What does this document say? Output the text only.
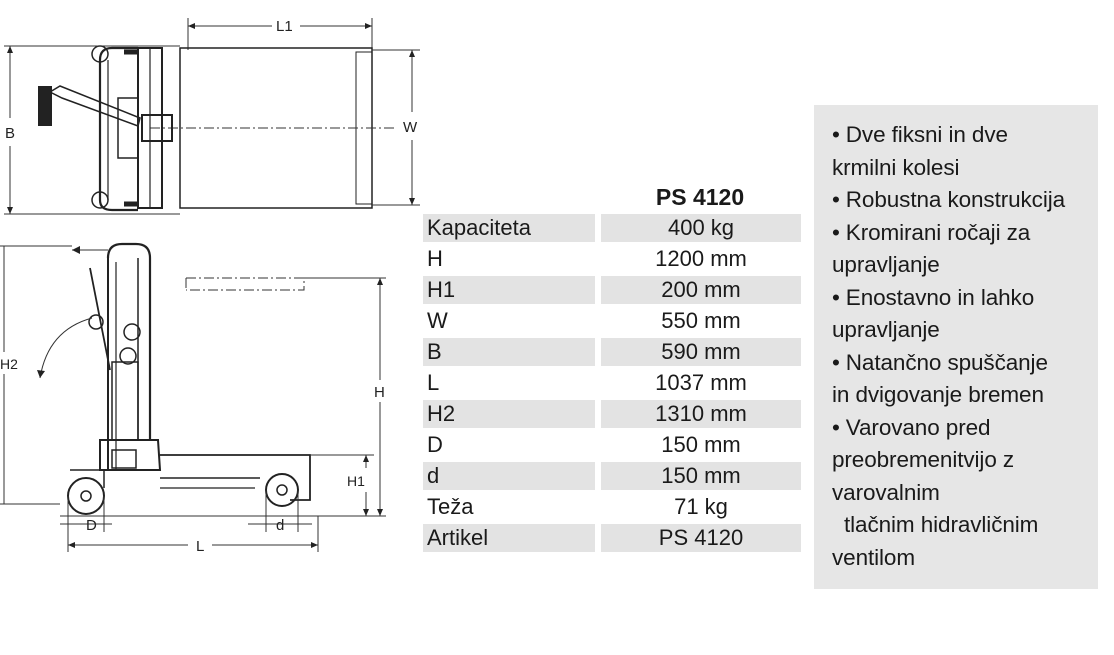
L1
W
B
H2
H
H1
D	d
L
PS 4120
Kapaciteta		400 kg
H		1200 mm
H1		200 mm
W		550 mm
B		590 mm
L		1037 mm
H2		1310 mm
D		150 mm
d		150 mm
Teža		71 kg
Artikel		PS 4120
• Dve fiksni in dve
krmilni kolesi
• Robustna konstrukcija
• Kromirani ročaji za
upravljanje
• Enostavno in lahko
upravljanje
• Natančno spuščanje
in dvigovanje bremen
• Varovano pred
preobremenitvijo z
varovalnim
tlačnim hidravličnim
ventilom
